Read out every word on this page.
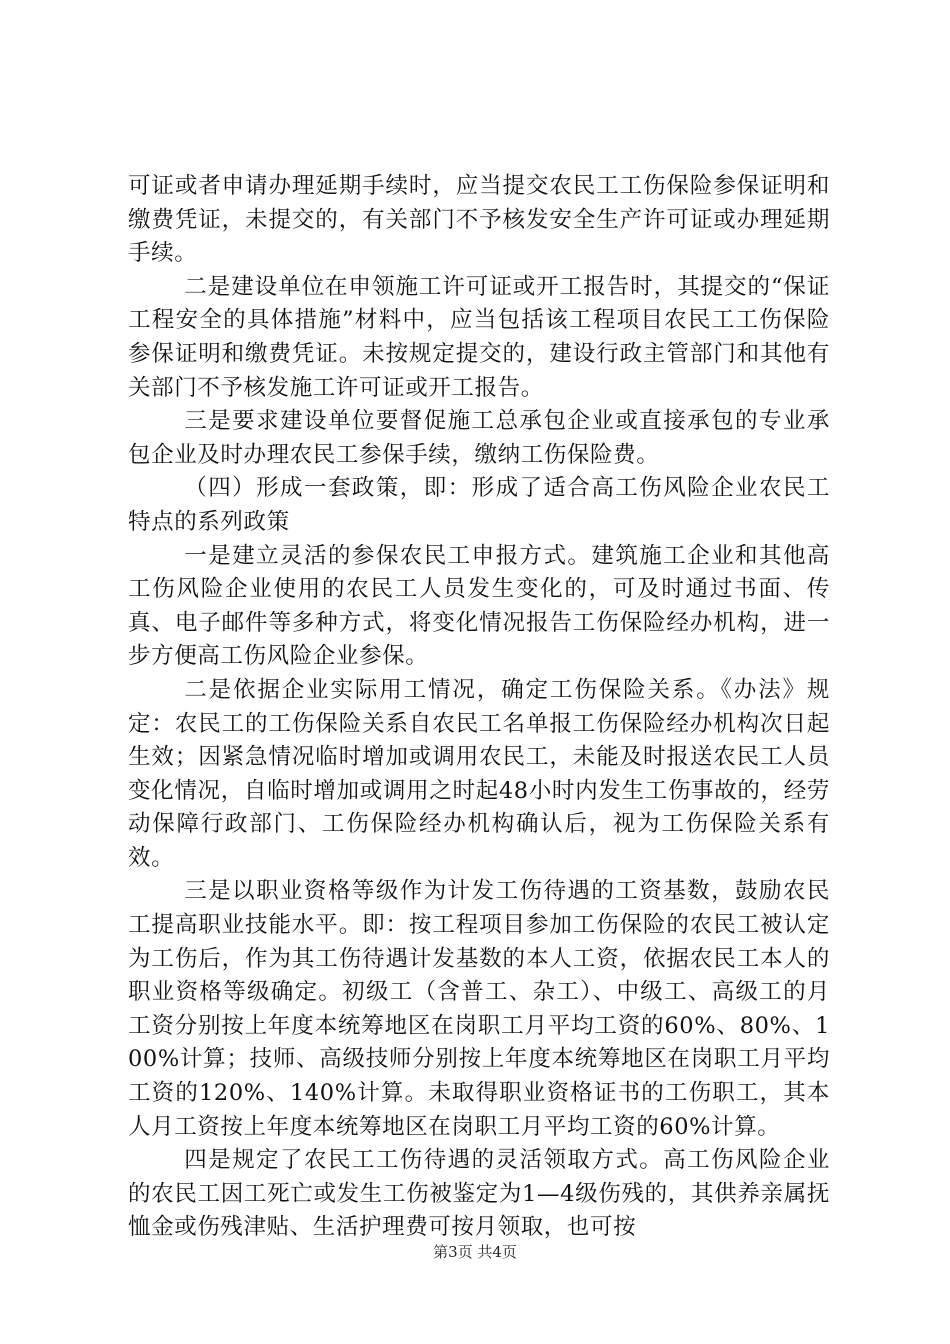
可证或者申请办理延期手续时，应当提交农民工工伤保险参保证明和缴费凭证，未提交的，有关部门不予核发安全生产许可证或办理延期手续。

二是建设单位在申领施工许可证或开工报告时，其提交的“保证工程安全的具体措施”材料中，应当包括该工程项目农民工工伤保险参保证明和缴费凭证。未按规定提交的，建设行政主管部门和其他有关部门不予核发施工许可证或开工报告。

三是要求建设单位要督促施工总承包企业或直接承包的专业承包企业及时办理农民工参保手续，缴纳工伤保险费。

（四）形成一套政策，即：形成了适合高工伤风险企业农民工特点的系列政策

一是建立灵活的参保农民工申报方式。建筑施工企业和其他高工伤风险企业使用的农民工人员发生变化的，可及时通过书面、传真、电子邮件等多种方式，将变化情况报告工伤保险经办机构，进一步方便高工伤风险企业参保。

二是依据企业实际用工情况，确定工伤保险关系。《办法》规定：农民工的工伤保险关系自农民工名单报工伤保险经办机构次日起生效；因紧急情况临时增加或调用农民工，未能及时报送农民工人员变化情况，自临时增加或调用之时起48小时内发生工伤事故的，经劳动保障行政部门、工伤保险经办机构确认后，视为工伤保险关系有效。

三是以职业资格等级作为计发工伤待遇的工资基数，鼓励农民工提高职业技能水平。即：按工程项目参加工伤保险的农民工被认定为工伤后，作为其工伤待遇计发基数的本人工资，依据农民工本人的职业资格等级确定。初级工（含普工、杂工）、中级工、高级工的月工资分别按上年度本统筹地区在岗职工月平均工资的60%、80%、100%计算；技师、高级技师分别按上年度本统筹地区在岗职工月平均工资的120%、140%计算。未取得职业资格证书的工伤职工，其本人月工资按上年度本统筹地区在岗职工月平均工资的60%计算。

四是规定了农民工工伤待遇的灵活领取方式。高工伤风险企业的农民工因工死亡或发生工伤被鉴定为1—4级伤残的，其供养亲属抚恤金或伤残津贴、生活护理费可按月领取，也可按

第3页 共4页
